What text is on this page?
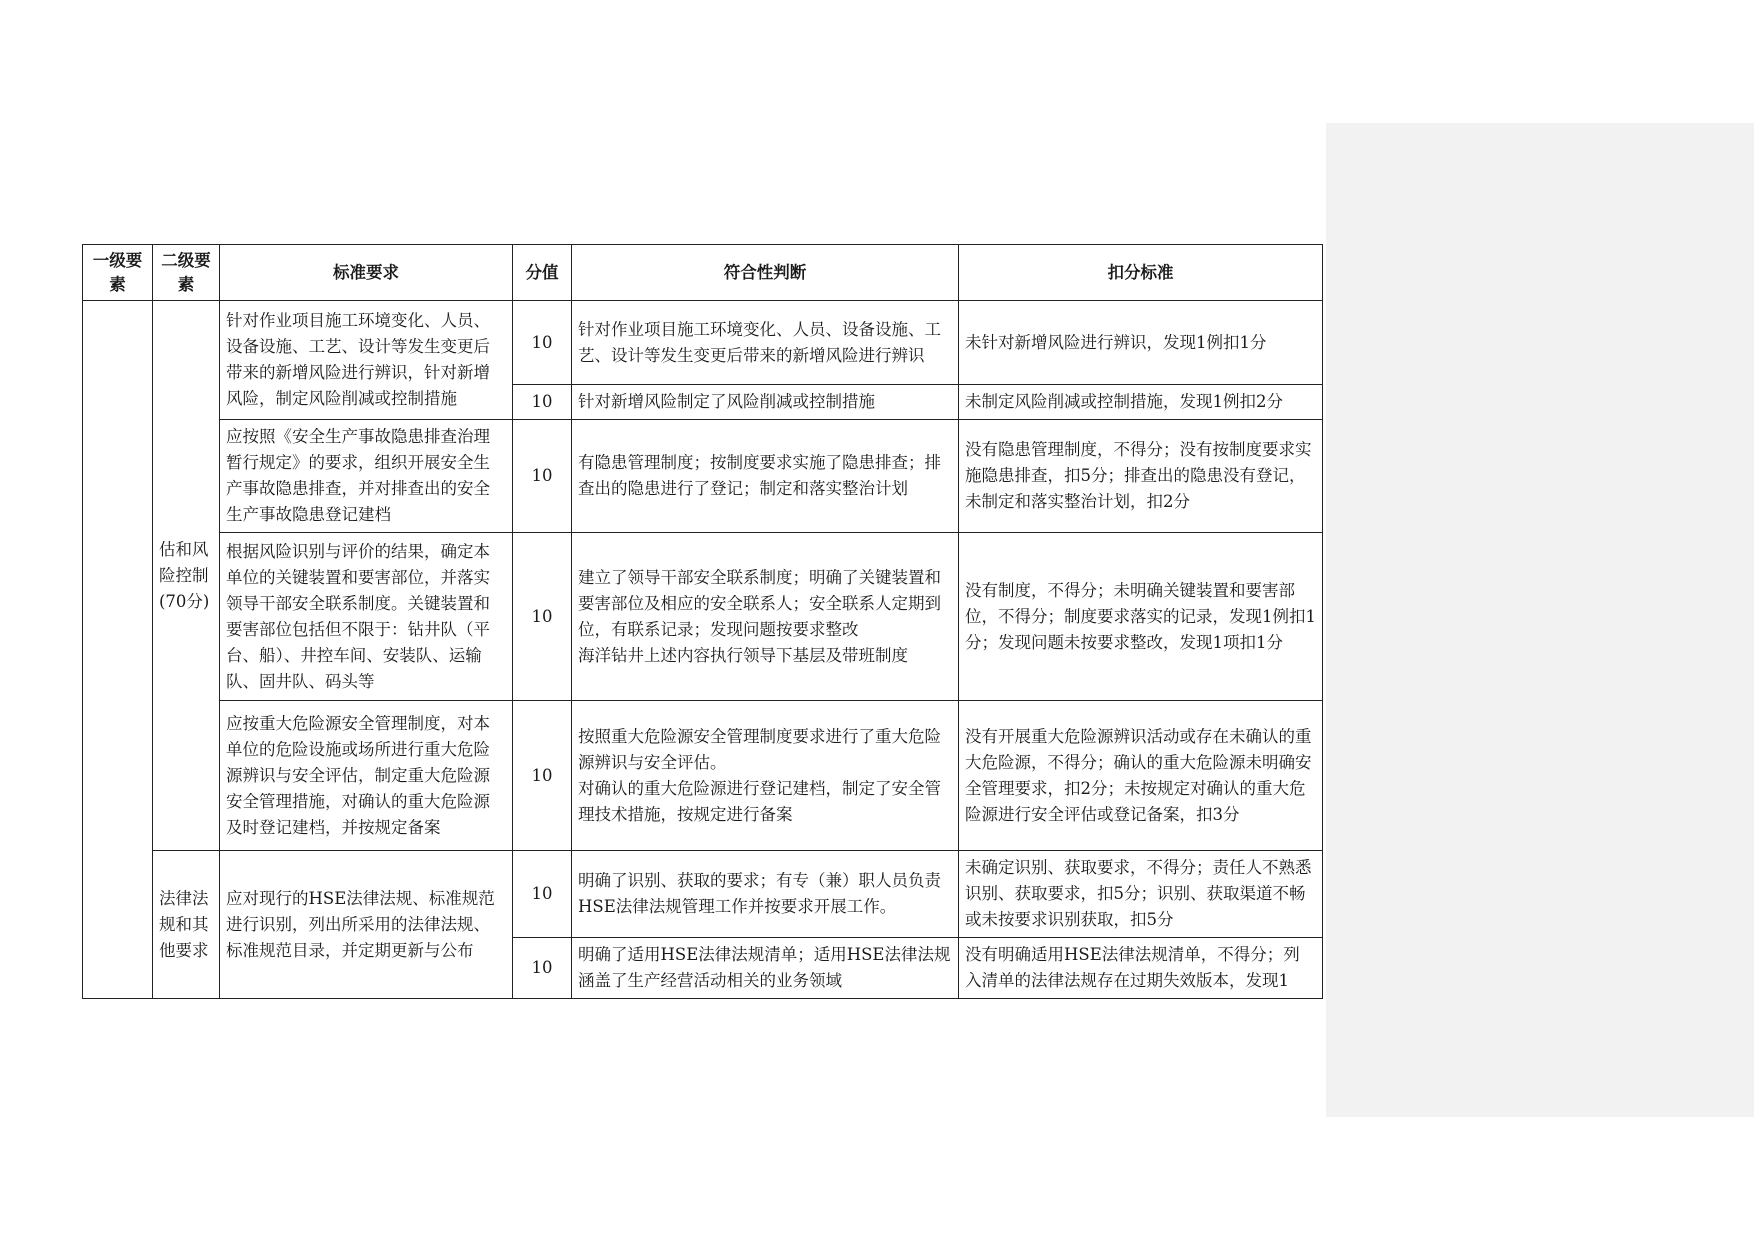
一级要素	二级要素	标准要求	分值	符合性判断	扣分标准
	估和风险控制(70分)	针对作业项目施工环境变化、人员、设备设施、工艺、设计等发生变更后带来的新增风险进行辨识，针对新增风险，制定风险削减或控制措施	10	针对作业项目施工环境变化、人员、设备设施、工艺、设计等发生变更后带来的新增风险进行辨识	未针对新增风险进行辨识，发现1例扣1分
			10	针对新增风险制定了风险削减或控制措施	未制定风险削减或控制措施，发现1例扣2分
		应按照《安全生产事故隐患排查治理暂行规定》的要求，组织开展安全生产事故隐患排查，并对排查出的安全生产事故隐患登记建档	10	有隐患管理制度；按制度要求实施了隐患排查；排查出的隐患进行了登记；制定和落实整治计划	没有隐患管理制度，不得分；没有按制度要求实施隐患排查，扣5分；排查出的隐患没有登记，未制定和落实整治计划，扣2分
		根据风险识别与评价的结果，确定本单位的关键装置和要害部位，并落实领导干部安全联系制度。关键装置和要害部位包括但不限于：钻井队（平台、船）、井控车间、安装队、运输队、固井队、码头等	10	建立了领导干部安全联系制度；明确了关键装置和要害部位及相应的安全联系人；安全联系人定期到位，有联系记录；发现问题按要求整改
海洋钻井上述内容执行领导下基层及带班制度	没有制度，不得分；未明确关键装置和要害部位，不得分；制度要求落实的记录，发现1例扣1分；发现问题未按要求整改，发现1项扣1分
		应按重大危险源安全管理制度，对本单位的危险设施或场所进行重大危险源辨识与安全评估，制定重大危险源安全管理措施，对确认的重大危险源及时登记建档，并按规定备案	10	按照重大危险源安全管理制度要求进行了重大危险源辨识与安全评估。
对确认的重大危险源进行登记建档，制定了安全管理技术措施，按规定进行备案	没有开展重大危险源辨识活动或存在未确认的重大危险源，不得分；确认的重大危险源未明确安全管理要求，扣2分；未按规定对确认的重大危险源进行安全评估或登记备案，扣3分
	法律法规和其他要求	应对现行的HSE法律法规、标准规范进行识别，列出所采用的法律法规、标准规范目录，并定期更新与公布	10	明确了识别、获取的要求；有专（兼）职人员负责HSE法律法规管理工作并按要求开展工作。	未确定识别、获取要求，不得分；责任人不熟悉识别、获取要求，扣5分；识别、获取渠道不畅或未按要求识别获取，扣5分
			10	明确了适用HSE法律法规清单；适用HSE法律法规涵盖了生产经营活动相关的业务领域	没有明确适用HSE法律法规清单，不得分；列入清单的法律法规存在过期失效版本，发现1
